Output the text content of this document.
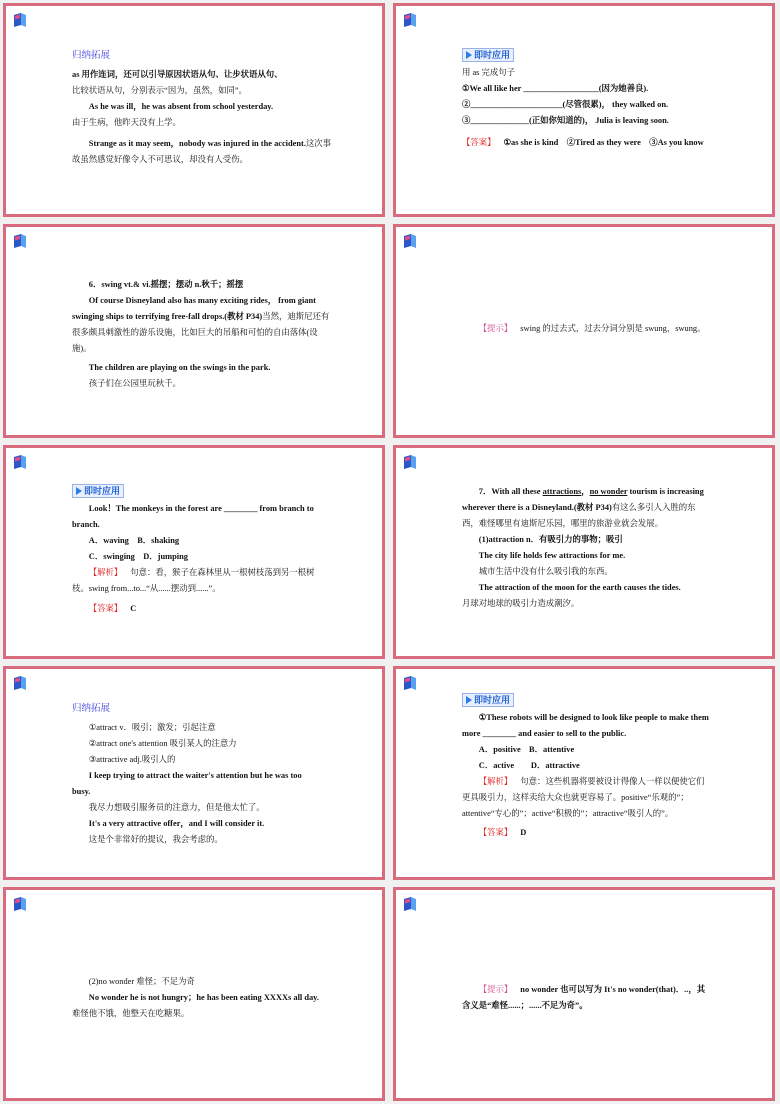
归纳拓展

as 用作连词，还可以引导原因状语从句、让步状语从句、

比较状语从句，分别表示“因为，虽然，如同”。

As he was ill，he was absent from school yesterday.

由于生病，他昨天没有上学。

Strange as it may seem，nobody was injured in the accident.这次事故虽然感觉好像令人不可思议，却没有人受伤。

即时应用

用 as 完成句子

①We all like her __________________(因为她善良).

②______________________(尽管很累)， they walked on.

③______________(正如你知道的)， Julia is leaving soon.

【答案】 ①as she is kind　②Tired as they were　③As you know

6．swing vt.& vi.摇摆；摆动 n.秋千；摇摆

Of course Disneyland also has many exciting rides， from giant swinging ships to terrifying free-fall drops.(教材 P34)当然，迪斯尼还有很多颇具刺激性的游乐设施，比如巨大的吊船和可怕的自由落体(设施)。

The children are playing on the swings in the park.

孩子们在公园里玩秋千。

【提示】 swing 的过去式，过去分词分别是 swung，swung。

即时应用

Look！The monkeys in the forest are ________ from branch to branch.

A．waving　B．shaking

C．swinging　D．jumping

【解析】 句意：看，猴子在森林里从一根树枝荡到另一根树枝。swing from...to...“从......摆动到......”。

【答案】 C

7．With all these attractions，no wonder tourism is increasing wherever there is a Disneyland.(教材 P34)有这么多引人入胜的东西，难怪哪里有迪斯尼乐园，哪里的旅游业就会发展。

(1)attraction n．有吸引力的事物；吸引

The city life holds few attractions for me.

城市生活中没有什么吸引我的东西。

The attraction of the moon for the earth causes the tides.

月球对地球的吸引力造成潮汐。

归纳拓展

①attract v．吸引；激发；引起注意

②attract one's attention 吸引某人的注意力

③attractive adj.吸引人的

I keep trying to attract the waiter's attention but he was too busy.

我尽力想吸引服务员的注意力，但是他太忙了。

It's a very attractive offer，and I will consider it.

这是个非常好的提议，我会考虑的。

即时应用

①These robots will be designed to look like people to make them more ________ and easier to sell to the public.

A．positive　B．attentive

C．active　　D．attractive

【解析】 句意：这些机器将要被设计得像人一样以便使它们更具吸引力，这样卖给大众也就更容易了。positive“乐观的”；attentive“专心的”；active“积极的”；attractive“吸引人的”。

【答案】 D

(2)no wonder 难怪；不足为奇

No wonder he is not hungry；he has been eating XXXXs all day.难怪他不饿，他整天在吃糖果。

【提示】 no wonder 也可以写为 It's no wonder(that)．..，其含义是“难怪......；......不足为奇”。
